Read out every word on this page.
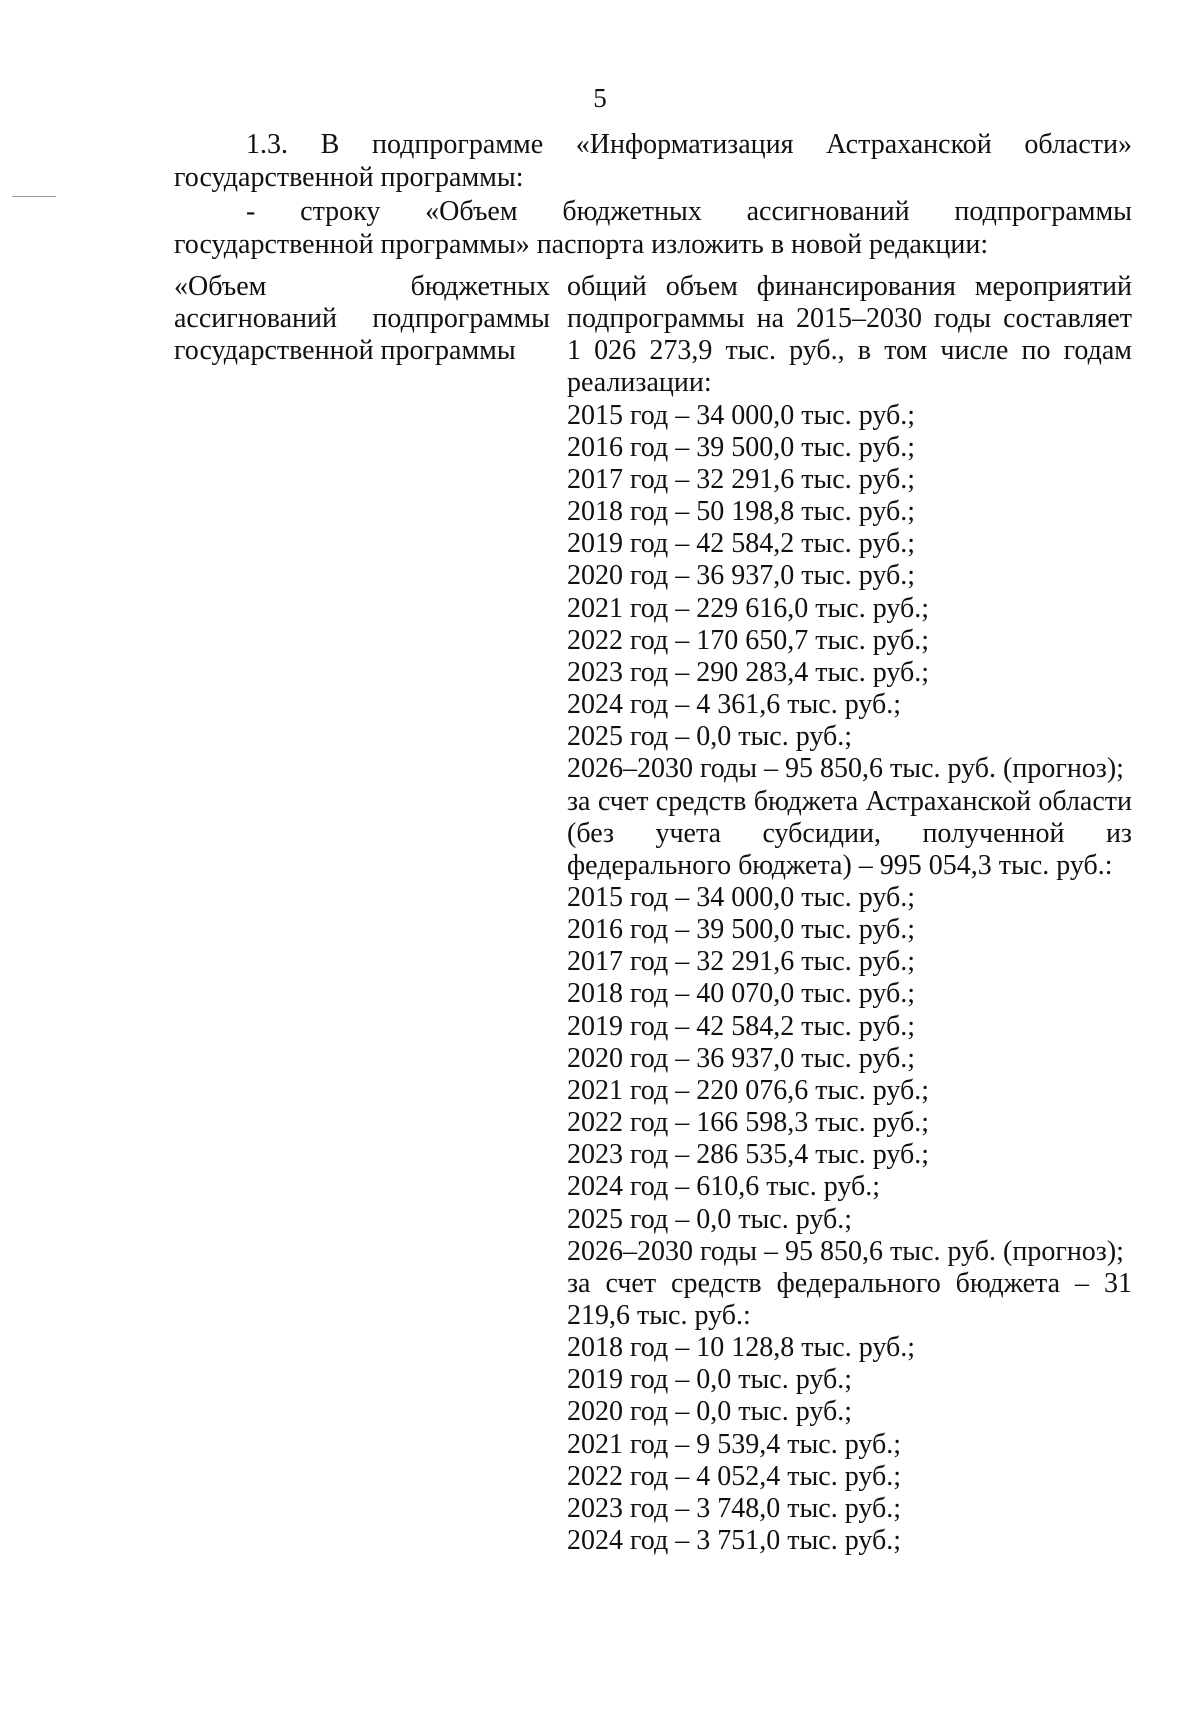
5

1.3. В подпрограмме «Информатизация Астраханской области» государственной программы:

- строку «Объем бюджетных ассигнований подпрограммы государственной программы» паспорта изложить в новой редакции:

«Объем бюджетных ассигнований подпрограммы государственной программы
общий объем финансирования мероприятий подпрограммы на 2015–2030 годы составляет 1 026 273,9 тыс. руб., в том числе по годам реализации:
2015 год – 34 000,0 тыс. руб.;
2016 год – 39 500,0 тыс. руб.;
2017 год – 32 291,6 тыс. руб.;
2018 год – 50 198,8 тыс. руб.;
2019 год – 42 584,2 тыс. руб.;
2020 год – 36 937,0 тыс. руб.;
2021 год – 229 616,0 тыс. руб.;
2022 год – 170 650,7 тыс. руб.;
2023 год – 290 283,4 тыс. руб.;
2024 год – 4 361,6 тыс. руб.;
2025 год – 0,0 тыс. руб.;
2026–2030 годы – 95 850,6 тыс. руб. (прогноз);
за счет средств бюджета Астраханской области (без учета субсидии, полученной из федерального бюджета) – 995 054,3 тыс. руб.:
2015 год – 34 000,0 тыс. руб.;
2016 год – 39 500,0 тыс. руб.;
2017 год – 32 291,6 тыс. руб.;
2018 год – 40 070,0 тыс. руб.;
2019 год – 42 584,2 тыс. руб.;
2020 год – 36 937,0 тыс. руб.;
2021 год – 220 076,6 тыс. руб.;
2022 год – 166 598,3 тыс. руб.;
2023 год – 286 535,4 тыс. руб.;
2024 год – 610,6 тыс. руб.;
2025 год – 0,0 тыс. руб.;
2026–2030 годы – 95 850,6 тыс. руб. (прогноз);
за счет средств федерального бюджета – 31 219,6 тыс. руб.:
2018 год – 10 128,8 тыс. руб.;
2019 год – 0,0 тыс. руб.;
2020 год – 0,0 тыс. руб.;
2021 год – 9 539,4 тыс. руб.;
2022 год – 4 052,4 тыс. руб.;
2023 год – 3 748,0 тыс. руб.;
2024 год – 3 751,0 тыс. руб.;
